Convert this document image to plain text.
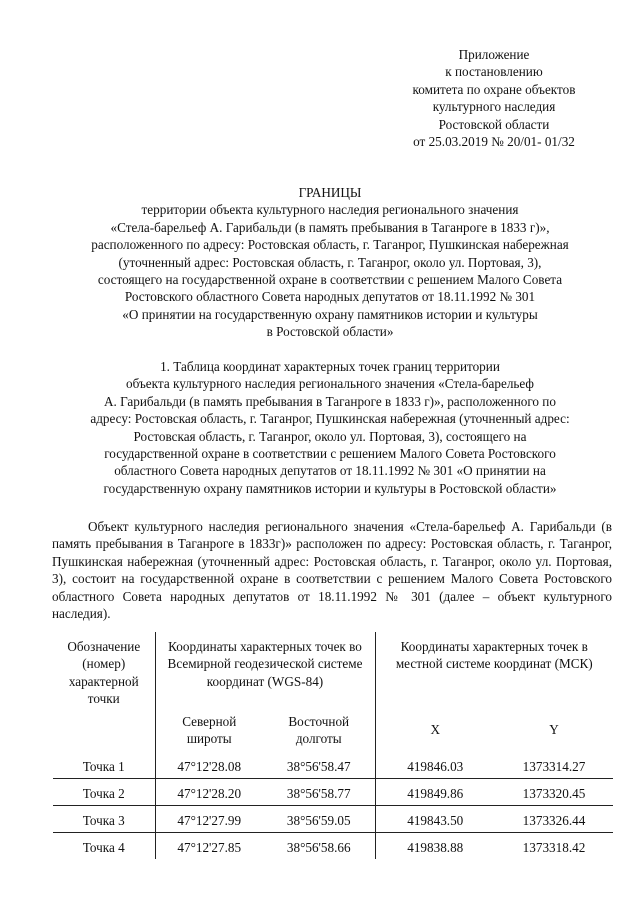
Приложение
к постановлению
комитета по охране объектов
культурного наследия
Ростовской области
от 25.03.2019 № 20/01- 01/32
ГРАНИЦЫ
территории объекта культурного наследия регионального значения
«Стела-барельеф А. Гарибальди (в память пребывания в Таганроге в 1833 г)»,
расположенного по адресу: Ростовская область, г. Таганрог, Пушкинская набережная
(уточненный адрес: Ростовская область, г. Таганрог, около ул. Портовая, 3),
состоящего на государственной охране в соответствии с решением Малого Совета
Ростовского областного Совета народных депутатов от 18.11.1992 № 301
«О принятии на государственную охрану памятников истории и культуры
в Ростовской области»
1. Таблица координат характерных точек границ территории
объекта культурного наследия регионального значения «Стела-барельеф
А. Гарибальди (в память пребывания в Таганроге в 1833 г)», расположенного по
адресу: Ростовская область, г. Таганрог, Пушкинская набережная (уточненный адрес:
Ростовская область, г. Таганрог, около ул. Портовая, 3), состоящего на
государственной охране в соответствии с решением Малого Совета Ростовского
областного Совета народных депутатов от 18.11.1992 № 301 «О принятии на
государственную охрану памятников истории и культуры в Ростовской области»
Объект культурного наследия регионального значения «Стела-барельеф А. Гарибальди (в память пребывания в Таганроге в 1833г)» расположен по адресу: Ростовская область, г. Таганрог, Пушкинская набережная (уточненный адрес: Ростовская область, г. Таганрог, около ул. Портовая, 3), состоит на государственной охране в соответствии с решением Малого Совета Ростовского областного Совета народных депутатов от 18.11.1992 № 301 (далее – объект культурного наследия).
Обозначение (номер) характерной точки	Координаты характерных точек во Всемирной геодезической системе координат (WGS-84)		Координаты характерных точек в местной системе координат (МСК)	
	Северной широты	Восточной долготы	X	Y
Точка 1	47°12'28.08	38°56'58.47	419846.03	1373314.27
Точка 2	47°12'28.20	38°56'58.77	419849.86	1373320.45
Точка 3	47°12'27.99	38°56'59.05	419843.50	1373326.44
Точка 4	47°12'27.85	38°56'58.66	419838.88	1373318.42
